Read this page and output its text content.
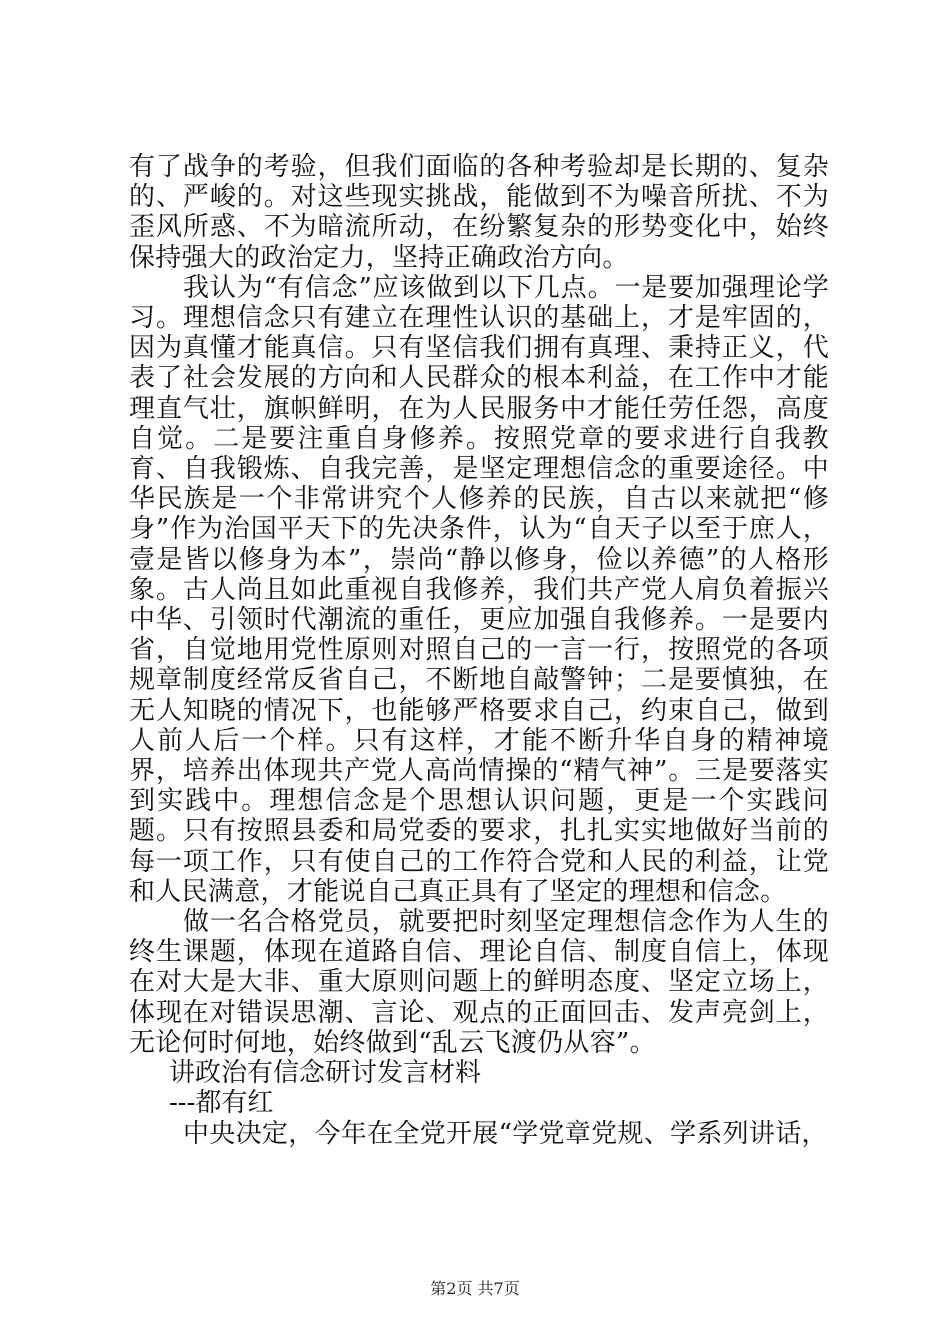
有了战争的考验，但我们面临的各种考验却是长期的、复杂的、严峻的。对这些现实挑战，能做到不为噪音所扰、不为歪风所惑、不为暗流所动，在纷繁复杂的形势变化中，始终保持强大的政治定力，坚持正确政治方向。

我认为“有信念”应该做到以下几点。一是要加强理论学习。理想信念只有建立在理性认识的基础上，才是牢固的，因为真懂才能真信。只有坚信我们拥有真理、秉持正义，代表了社会发展的方向和人民群众的根本利益，在工作中才能理直气壮，旗帜鲜明，在为人民服务中才能任劳任怨，高度自觉。二是要注重自身修养。按照党章的要求进行自我教育、自我锻炼、自我完善，是坚定理想信念的重要途径。中华民族是一个非常讲究个人修养的民族，自古以来就把“修身”作为治国平天下的先决条件，认为“自天子以至于庶人，壹是皆以修身为本”，崇尚“静以修身，俭以养德”的人格形象。古人尚且如此重视自我修养，我们共产党人肩负着振兴中华、引领时代潮流的重任，更应加强自我修养。一是要内省，自觉地用党性原则对照自己的一言一行，按照党的各项规章制度经常反省自己，不断地自敲警钟；二是要慎独，在无人知晓的情况下，也能够严格要求自己，约束自己，做到人前人后一个样。只有这样，才能不断升华自身的精神境界，培养出体现共产党人高尚情操的“精气神”。三是要落实到实践中。理想信念是个思想认识问题，更是一个实践问题。只有按照县委和局党委的要求，扎扎实实地做好当前的每一项工作，只有使自己的工作符合党和人民的利益，让党和人民满意，才能说自己真正具有了坚定的理想和信念。

做一名合格党员，就要把时刻坚定理想信念作为人生的终生课题，体现在道路自信、理论自信、制度自信上，体现在对大是大非、重大原则问题上的鲜明态度、坚定立场上，体现在对错误思潮、言论、观点的正面回击、发声亮剑上，无论何时何地，始终做到“乱云飞渡仍从容”。

讲政治有信念研讨发言材料

---都有红

中央决定，今年在全党开展“学党章党规、学系列讲话，

第2页 共7页
